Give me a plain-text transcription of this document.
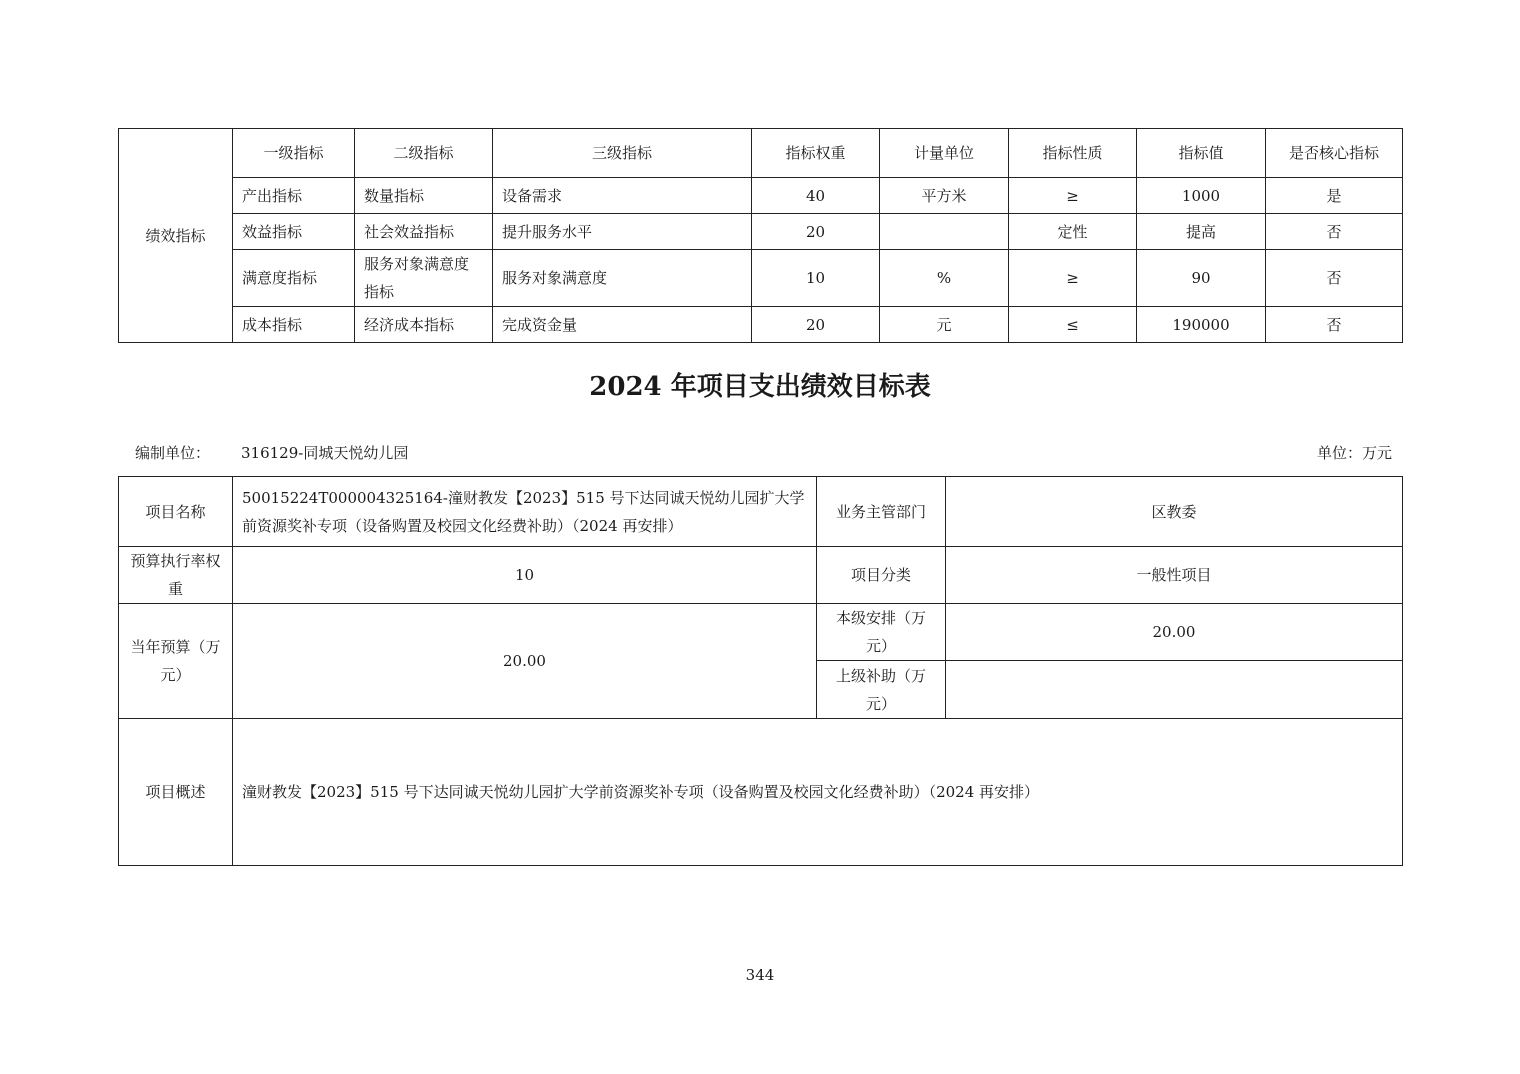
绩效指标	一级指标	二级指标	三级指标	指标权重	计量单位	指标性质	指标值	是否核心指标
	产出指标	数量指标	设备需求	40	平方米	≥	1000	是
	效益指标	社会效益指标	提升服务水平	20		定性	提高	否
	满意度指标	服务对象满意度指标	服务对象满意度	10	%	≥	90	否
	成本指标	经济成本指标	完成资金量	20	元	≤	190000	否
2024 年项目支出绩效目标表
编制单位： 316129-同城天悦幼儿园	单位：万元
项目名称	50015224T000004325164-潼财教发【2023】515 号下达同诚天悦幼儿园扩大学前资源奖补专项（设备购置及校园文化经费补助）（2024 再安排）	业务主管部门	区教委
预算执行率权重	10	项目分类	一般性项目
当年预算（万元）	20.00	本级安排（万元）	20.00
		上级补助（万元）	
项目概述	潼财教发【2023】515 号下达同诚天悦幼儿园扩大学前资源奖补专项（设备购置及校园文化经费补助）（2024 再安排）		
344
